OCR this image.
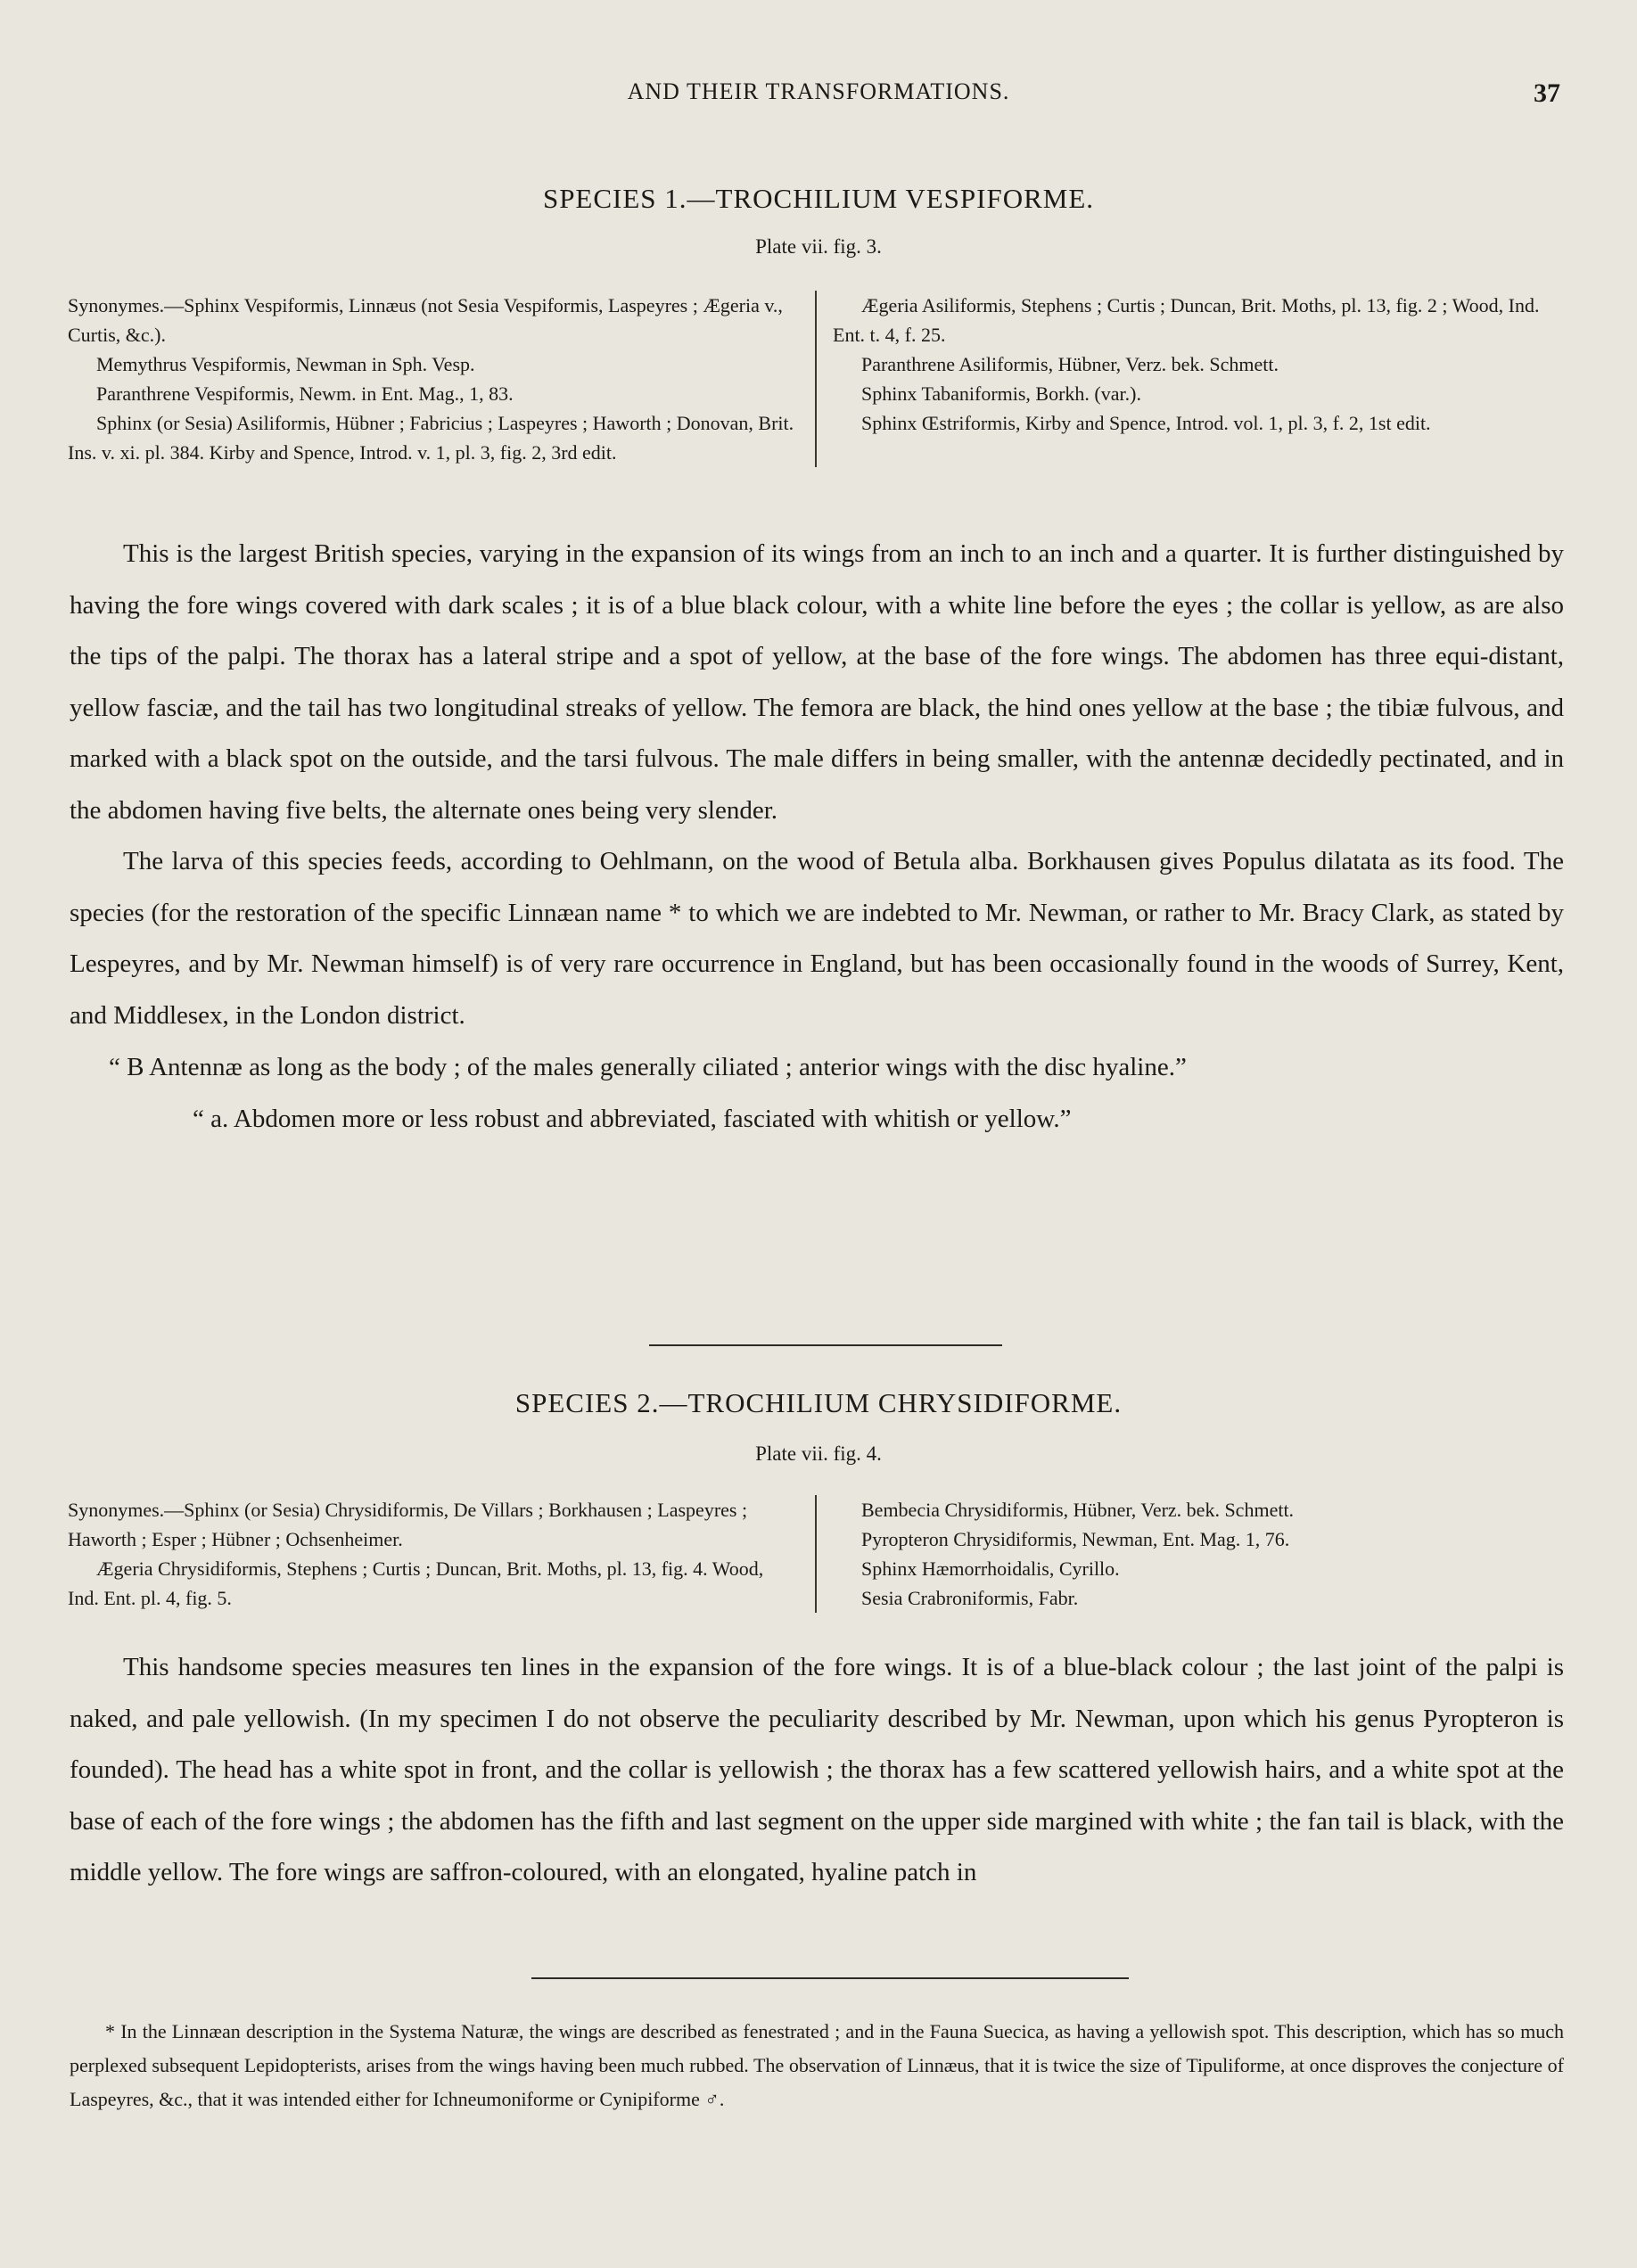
AND THEIR TRANSFORMATIONS.	37
SPECIES 1.—TROCHILIUM VESPIFORME.
Plate vii. fig. 3.

Synonymes.—Sphinx Vespiformis, Linnæus (not Sesia Vespiformis, Laspeyres ; Ægeria v., Curtis, &c.).

Memythrus Vespiformis, Newman in Sph. Vesp.

Paranthrene Vespiformis, Newm. in Ent. Mag., 1, 83.

Sphinx (or Sesia) Asiliformis, Hübner ; Fabricius ; Laspeyres ; Haworth ; Donovan, Brit. Ins. v. xi. pl. 384. Kirby and Spence, Introd. v. 1, pl. 3, fig. 2, 3rd edit.

Ægeria Asiliformis, Stephens ; Curtis ; Duncan, Brit. Moths, pl. 13, fig. 2 ; Wood, Ind. Ent. t. 4, f. 25.

Paranthrene Asiliformis, Hübner, Verz. bek. Schmett.

Sphinx Tabaniformis, Borkh. (var.).

Sphinx Œstriformis, Kirby and Spence, Introd. vol. 1, pl. 3, f. 2, 1st edit.

This is the largest British species, varying in the expansion of its wings from an inch to an inch and a quarter. It is further distinguished by having the fore wings covered with dark scales ; it is of a blue black colour, with a white line before the eyes ; the collar is yellow, as are also the tips of the palpi. The thorax has a lateral stripe and a spot of yellow, at the base of the fore wings. The abdomen has three equi-distant, yellow fasciæ, and the tail has two longitudinal streaks of yellow. The femora are black, the hind ones yellow at the base ; the tibiæ fulvous, and marked with a black spot on the outside, and the tarsi fulvous. The male differs in being smaller, with the antennæ decidedly pectinated, and in the abdomen having five belts, the alternate ones being very slender.

The larva of this species feeds, according to Oehlmann, on the wood of Betula alba. Borkhausen gives Populus dilatata as its food. The species (for the restoration of the specific Linnæan name * to which we are indebted to Mr. Newman, or rather to Mr. Bracy Clark, as stated by Lespeyres, and by Mr. Newman himself) is of very rare occurrence in England, but has been occasionally found in the woods of Surrey, Kent, and Middlesex, in the London district.

“ B Antennæ as long as the body ; of the males generally ciliated ; anterior wings with the disc hyaline.”

“ a. Abdomen more or less robust and abbreviated, fasciated with whitish or yellow.”

SPECIES 2.—TROCHILIUM CHRYSIDIFORME.
Plate vii. fig. 4.

Synonymes.—Sphinx (or Sesia) Chrysidiformis, De Villars ; Borkhausen ; Laspeyres ; Haworth ; Esper ; Hübner ; Ochsenheimer.

Ægeria Chrysidiformis, Stephens ; Curtis ; Duncan, Brit. Moths, pl. 13, fig. 4. Wood, Ind. Ent. pl. 4, fig. 5.

Bembecia Chrysidiformis, Hübner, Verz. bek. Schmett.

Pyropteron Chrysidiformis, Newman, Ent. Mag. 1, 76.

Sphinx Hæmorrhoidalis, Cyrillo.

Sesia Crabroniformis, Fabr.

This handsome species measures ten lines in the expansion of the fore wings. It is of a blue-black colour ; the last joint of the palpi is naked, and pale yellowish. (In my specimen I do not observe the peculiarity described by Mr. Newman, upon which his genus Pyropteron is founded). The head has a white spot in front, and the collar is yellowish ; the thorax has a few scattered yellowish hairs, and a white spot at the base of each of the fore wings ; the abdomen has the fifth and last segment on the upper side margined with white ; the fan tail is black, with the middle yellow. The fore wings are saffron-coloured, with an elongated, hyaline patch in

* In the Linnæan description in the Systema Naturæ, the wings are described as fenestrated ; and in the Fauna Suecica, as having a yellowish spot. This description, which has so much perplexed subsequent Lepidopterists, arises from the wings having been much rubbed. The observation of Linnæus, that it is twice the size of Tipuliforme, at once disproves the conjecture of Laspeyres, &c., that it was intended either for Ichneumoniforme or Cynipiforme ♂.
